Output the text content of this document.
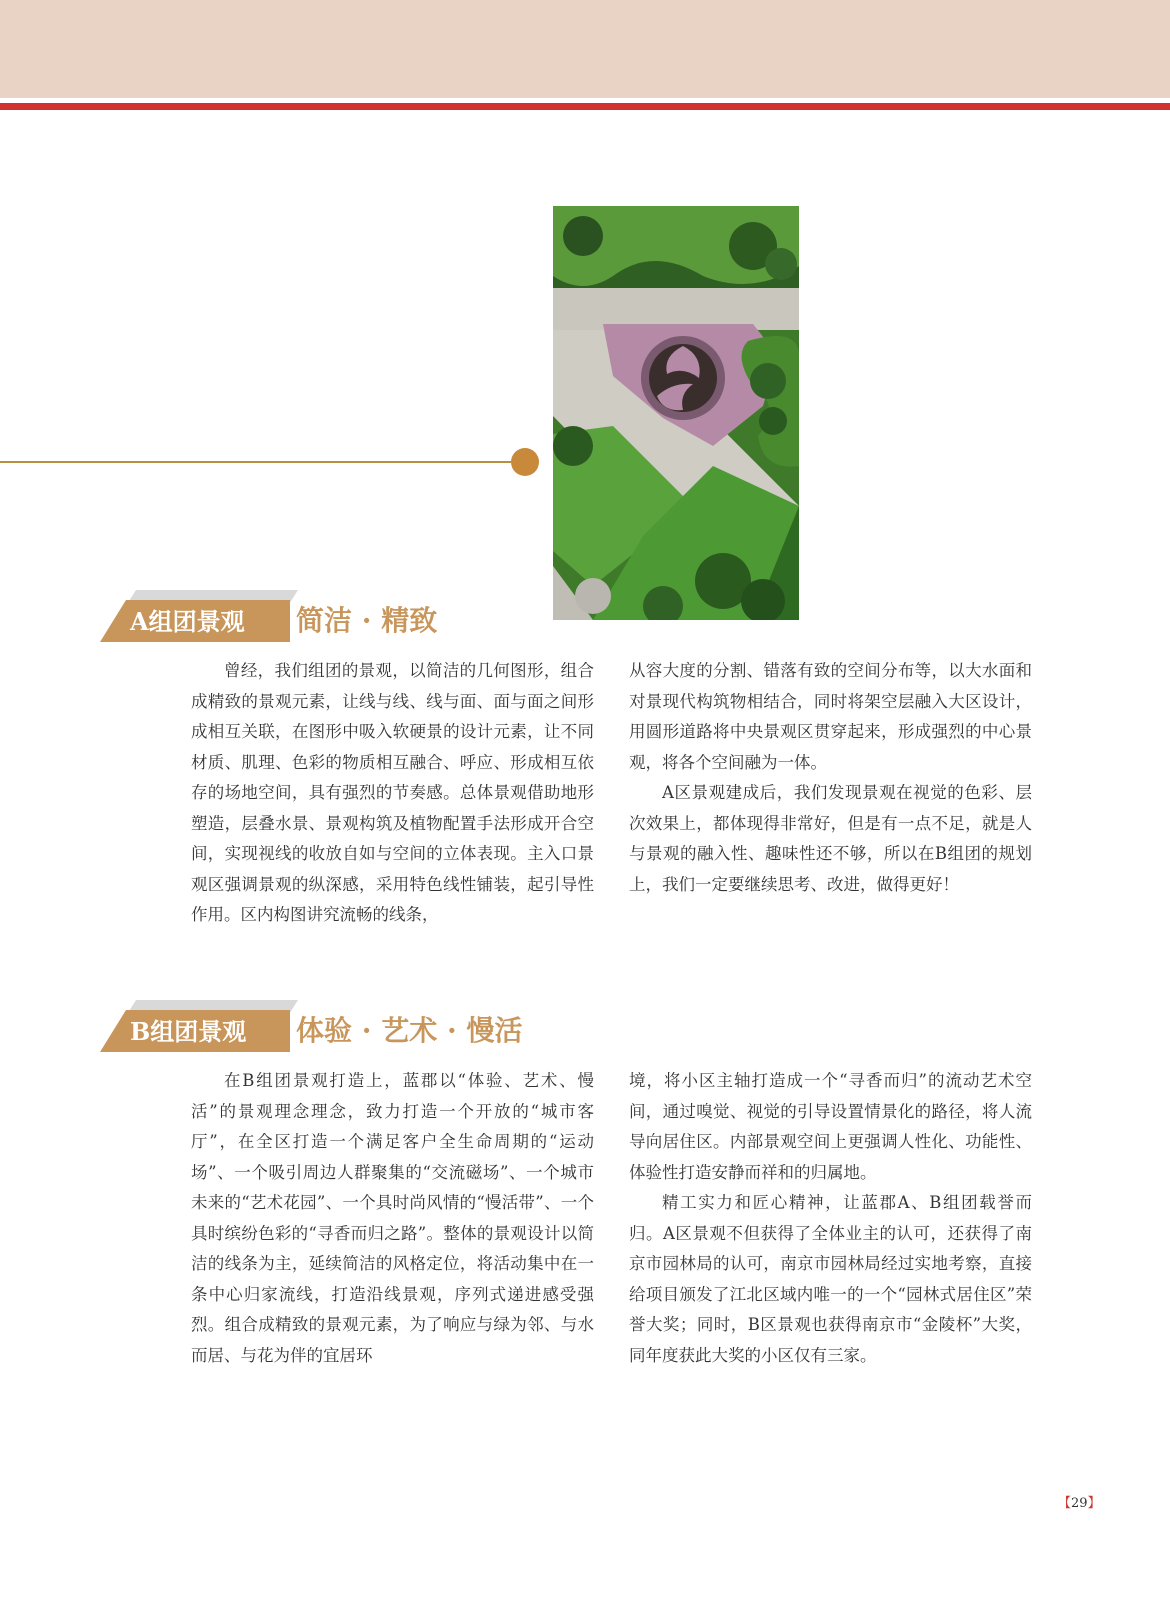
A组团景观	简洁 · 精致

曾经，我们组团的景观，以简洁的几何图形，组合成精致的景观元素，让线与线、线与面、面与面之间形成相互关联，在图形中吸入软硬景的设计元素，让不同材质、肌理、色彩的物质相互融合、呼应、形成相互依存的场地空间，具有强烈的节奏感。总体景观借助地形塑造，层叠水景、景观构筑及植物配置手法形成开合空间，实现视线的收放自如与空间的立体表现。主入口景观区强调景观的纵深感，采用特色线性铺装，起引导性作用。区内构图讲究流畅的线条，

从容大度的分割、错落有致的空间分布等，以大水面和对景现代构筑物相结合，同时将架空层融入大区设计，用圆形道路将中央景观区贯穿起来，形成强烈的中心景观，将各个空间融为一体。

A区景观建成后，我们发现景观在视觉的色彩、层次效果上，都体现得非常好，但是有一点不足，就是人与景观的融入性、趣味性还不够，所以在B组团的规划上，我们一定要继续思考、改进，做得更好！

B组团景观	体验 · 艺术 · 慢活

在B组团景观打造上，蓝郡以“体验、艺术、慢活”的景观理念理念，致力打造一个开放的“城市客厅”，在全区打造一个满足客户全生命周期的“运动场”、一个吸引周边人群聚集的“交流磁场”、一个城市未来的“艺术花园”、一个具时尚风情的“慢活带”、一个具时缤纷色彩的“寻香而归之路”。整体的景观设计以简洁的线条为主，延续简洁的风格定位，将活动集中在一条中心归家流线，打造沿线景观，序列式递进感受强烈。组合成精致的景观元素，为了响应与绿为邻、与水而居、与花为伴的宜居环

境，将小区主轴打造成一个“寻香而归”的流动艺术空间，通过嗅觉、视觉的引导设置情景化的路径，将人流导向居住区。内部景观空间上更强调人性化、功能性、体验性打造安静而祥和的归属地。

精工实力和匠心精神，让蓝郡A、B组团载誉而归。A区景观不但获得了全体业主的认可，还获得了南京市园林局的认可，南京市园林局经过实地考察，直接给项目颁发了江北区域内唯一的一个“园林式居住区”荣誉大奖；同时，B区景观也获得南京市“金陵杯”大奖，同年度获此大奖的小区仅有三家。

【29】
